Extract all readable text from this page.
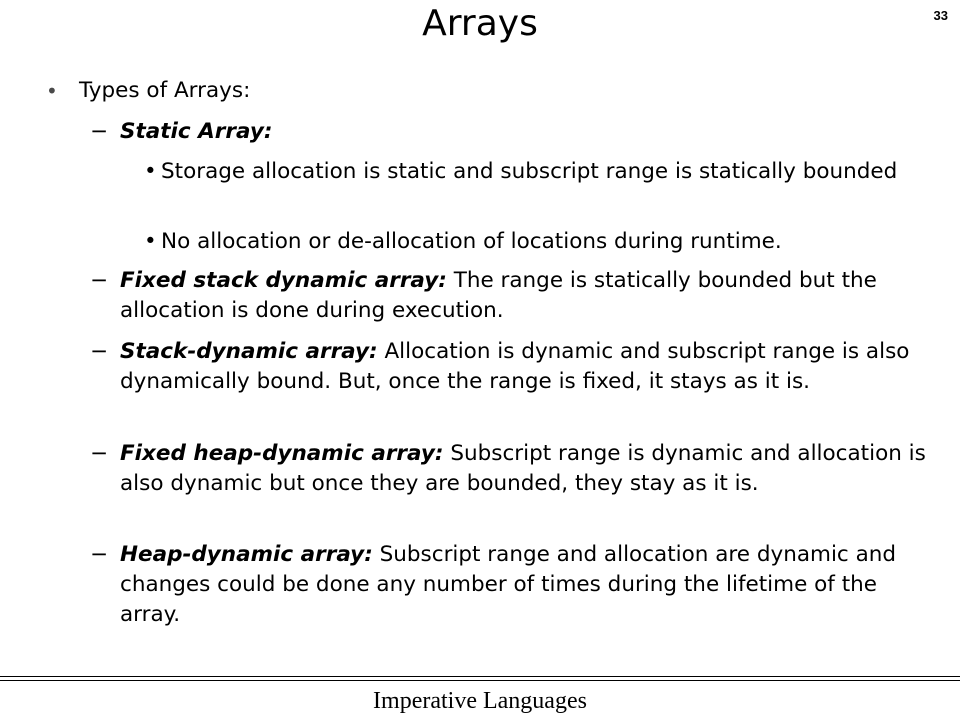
Arrays	33
• Types of Arrays:
− Static Array:
• Storage allocation is static and subscript range is statically bounded
• No allocation or de-allocation of locations during runtime.
− Fixed stack dynamic array: The range is statically bounded but the allocation is done during execution.
− Stack-dynamic array: Allocation is dynamic and subscript range is also dynamically bound. But, once the range is fixed, it stays as it is.
− Fixed heap-dynamic array: Subscript range is dynamic and allocation is also dynamic but once they are bounded, they stay as it is.
− Heap-dynamic array: Subscript range and allocation are dynamic and changes could be done any number of times during the lifetime of the array.
Imperative Languages
